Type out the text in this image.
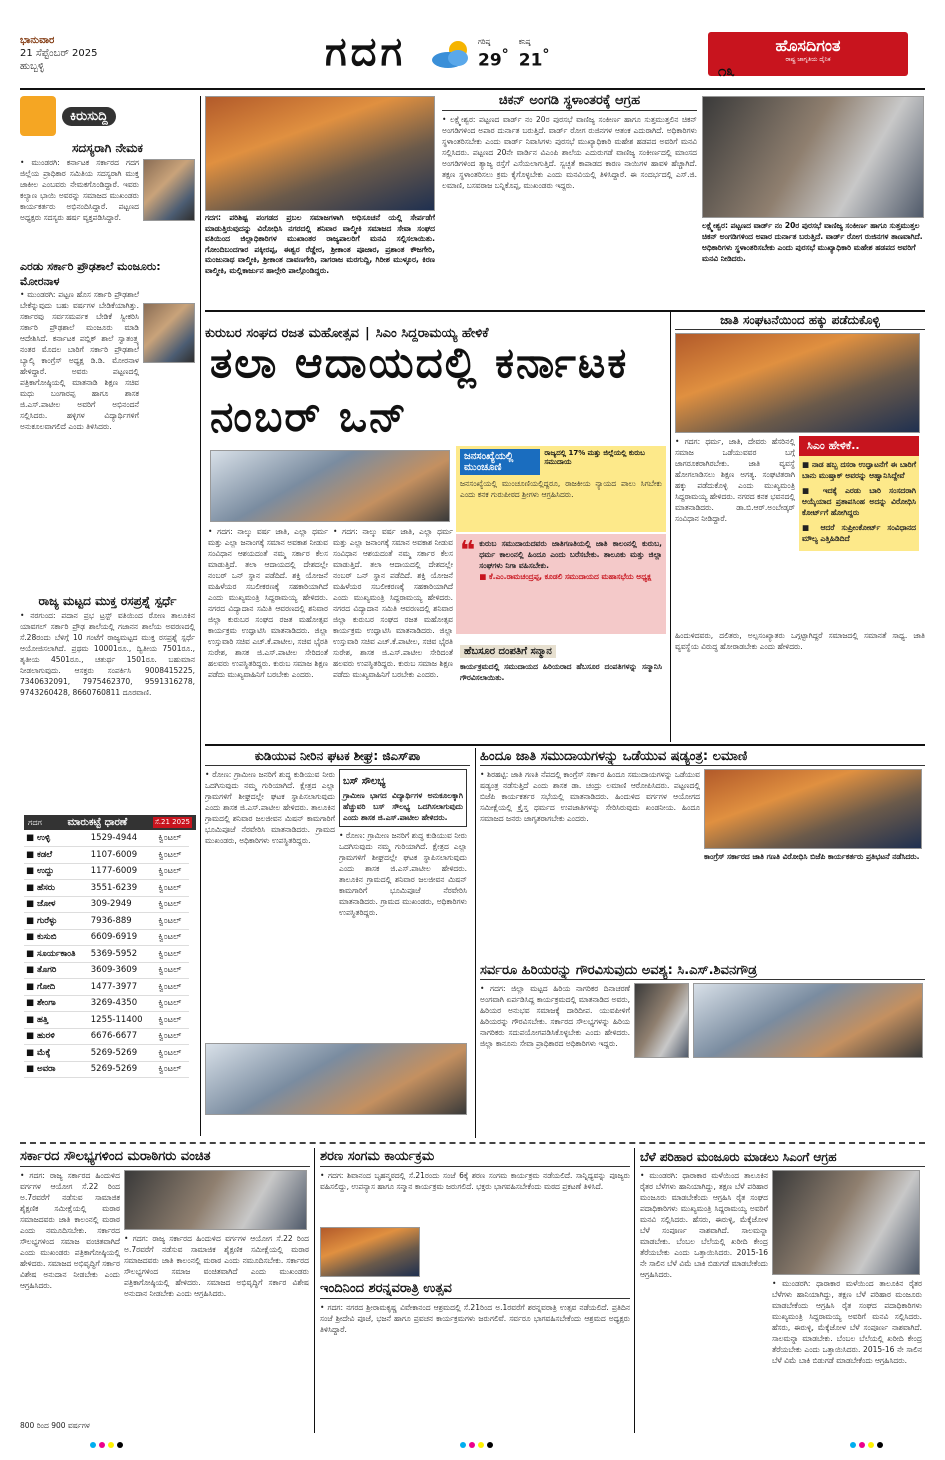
ಭಾನುವಾರ
21 ಸೆಪ್ಟೆಂಬರ್ 2025
ಹುಬ್ಬಳ್ಳಿ	ಗದಗ	ಗರಿಷ್ಠ
29°
ಕನಿಷ್ಠ
21°	ಹೊಸದಿಗಂತ
ರಾಷ್ಟ್ರ ಜಾಗೃತಿಯ ದೈನಿಕ
೧೩
ಕಿರುಸುದ್ದಿ
ಸದಸ್ಯರಾಗಿ ನೇಮಕ
• ಮುಂಡರಗಿ: ಕರ್ನಾಟಕ ಸರ್ಕಾರದ ಗದಗ ಜಿಲ್ಲೆಯ ಪ್ರಾಧಿಕಾರ ಸಮಿತಿಯ ಸದಸ್ಯರಾಗಿ ಮುಕ್ತ ಜಾಕೀಲ ಎಂಬವರು ನೇಮಕಗೊಂಡಿದ್ದಾರೆ. ಇವರು ಕಲ್ಯಾಣ ಭಾಯಿ ಅವರನ್ನು ಸಮಾಜದ ಮುಖಂಡರು ಕಾರ್ಯಕರ್ತರು ಅಭಿನಂದಿಸಿದ್ದಾರೆ. ಪಟ್ಟಣದ ಅಧ್ಯಕ್ಷರು ಸದಸ್ಯರು ಹರ್ಷ ವ್ಯಕ್ತಪಡಿಸಿದ್ದಾರೆ.
ಎರಡು ಸರ್ಕಾರಿ ಪ್ರೌಢಶಾಲೆ ಮಂಜೂರು: ಮೋರನಾಳ
• ಮುಂಡರಗಿ: ಪಟ್ಟಣ ಹೊಸ ಸರ್ಕಾರಿ ಪ್ರೌಢಶಾಲೆ ಬೇಕೆನ್ನುವುದು ಬಹು ವರ್ಷಗಳ ಬೇಡಿಕೆಯಾಗಿತ್ತು. ಸರ್ಕಾರವು ಸರ್ವಸಮರ್ಪಕ ಬೇಡಿಕೆ ಸ್ವೀಕರಿಸಿ ಸರ್ಕಾರಿ ಪ್ರೌಢಶಾಲೆ ಮಂಜೂರು ಮಾಡಿ ಆದೇಶಿಸಿದೆ. ಕರ್ನಾಟಕ ಪಬ್ಲಿಕ್ ಶಾಲೆ ಸ್ವಾತಂತ್ರ್ಯ ನಂತರ ಮೊದಲ ಬಾರಿಗೆ ಸರ್ಕಾರಿ ಪ್ರೌಢಶಾಲೆ ಬ್ಯಾಲ್ಕಿ ಕಾಂಗ್ರೆಸ್ ಅಧ್ಯಕ್ಷ ಡಿ.ಡಿ. ಮೋರನಾಳ ಹೇಳಿದ್ದಾರೆ. ಅವರು ಪಟ್ಟಣದಲ್ಲಿ ಪತ್ರಿಕಾಗೋಷ್ಠಿಯಲ್ಲಿ ಮಾತನಾಡಿ ಶಿಕ್ಷಣ ಸಚಿವ ಮಧು ಬಂಗಾರಪ್ಪ ಹಾಗೂ ಶಾಸಕ ಜಿ.ಎಸ್.ಪಾಟೀಲ ಅವರಿಗೆ ಅಭಿನಂದನೆ ಸಲ್ಲಿಸಿದರು. ಹಳ್ಳಿಗಳ ವಿದ್ಯಾರ್ಥಿಗಳಿಗೆ ಅನುಕೂಲವಾಗಲಿದೆ ಎಂದು ತಿಳಿಸಿದರು.
ರಾಜ್ಯ ಮಟ್ಟದ ಮುಕ್ತ ರಸಪ್ರಶ್ನೆ ಸ್ಪರ್ಧೆ
• ನರಗುಂದ: ಪದಾನ ಪ್ರಭ ಟ್ರಸ್ಟ್ ವತಿಯಿಂದ ರೋಣ ತಾಲೂಕಿನ ಯಾವಗಲ್ ಸರ್ಕಾರಿ ಪ್ರೌಢ ಶಾಲೆಯಲ್ಲಿ ಗಜಾನನ ಶಾಲೆಯ ಅವರಣದಲ್ಲಿ ಸೆ.28ರಂದು ಬೆಳಿಗ್ಗೆ 10 ಗಂಟೆಗೆ ರಾಜ್ಯಮಟ್ಟದ ಮುಕ್ತ ರಸಪ್ರಶ್ನೆ ಸ್ಪರ್ಧೆ ಆಯೋಜಿಸಲಾಗಿದೆ. ಪ್ರಥಮ 10001ರೂ., ದ್ವಿತೀಯ 7501ರೂ., ತೃತೀಯ 4501ರೂ., ಚತುರ್ಥ 1501ರೂ. ಬಹುಮಾನ ನೀಡಲಾಗುವುದು. ಆಸಕ್ತರು ಸಂಪರ್ಕಿಸಿ 9008415225, 7340632091, 7975462370, 9591316278, 9743260428, 8660760811 ದೂರವಾಣಿ.
ಗದಗ	ಮಾರುಕಟ್ಟೆ ಧಾರಣೆ	ಸೆ.21 2025
■ ಉಳ್ಳಿ	1529-4944	ಕ್ವಿಂಟಲ್
■ ಕಡಲೆ	1107-6009	ಕ್ವಿಂಟಲ್
■ ಉದ್ದು	1177-6009	ಕ್ವಿಂಟಲ್
■ ಹೆಸರು	3551-6239	ಕ್ವಿಂಟಲ್
■ ಜೋಳ	309-2949	ಕ್ವಿಂಟಲ್
■ ಗುರೆಳ್ಳು	7936-889	ಕ್ವಿಂಟಲ್
■ ಕುಸುಬಿ	6609-6919	ಕ್ವಿಂಟಲ್
■ ಸೂರ್ಯಕಾಂತಿ	5369-5952	ಕ್ವಿಂಟಲ್
■ ತೊಗರಿ	3609-3609	ಕ್ವಿಂಟಲ್
■ ಗೋದಿ	1477-3977	ಕ್ವಿಂಟಲ್
■ ಶೇಂಗಾ	3269-4350	ಕ್ವಿಂಟಲ್
■ ಹತ್ತಿ	1255-11400	ಕ್ವಿಂಟಲ್
■ ಹುರಳಿ	6676-6677	ಕ್ವಿಂಟಲ್
■ ಮೆಕ್ಕೆ	5269-5269	ಕ್ವಿಂಟಲ್
■ ಅವರಾ	5269-5269	ಕ್ವಿಂಟಲ್
ಗದಗ: ಪರಿಶಿಷ್ಟ ಪಂಗಡದ ಪ್ರಬಲ ಸಮಾಜಗಳಾಗಿ ಅಧಿಸೂಚನೆ ಯಲ್ಲಿ ಸೇರ್ಪಡೆಗೆ ಮಾಡುತ್ತಿರುವುದನ್ನು ವಿರೋಧಿಸಿ ನಗರದಲ್ಲಿ ಶನಿವಾರ ವಾಲ್ಮೀಕಿ ಸಮಾಜದ ಸೇವಾ ಸಂಘದ ವತಿಯಿಂದ ಜಿಲ್ಲಾಧಿಕಾರಿಗಳ ಮುಖಾಂತರ ರಾಜ್ಯಪಾಲರಿಗೆ ಮನವಿ ಸಲ್ಲಿಸಲಾಯಿತು. ಗೋಂದಿಬಂದಗಾರ ಪಕ್ಕೀರಪ್ಪ, ಈಶ್ವರ ರೆಡ್ಡೇರ, ಶ್ರೀಕಾಂತ ಪೂಜಾರ, ಪ್ರಶಾಂತ ಕೌಜಗೇರಿ, ಮಂಜುನಾಥ ವಾಲ್ಮೀಕಿ, ಶ್ರೀಕಾಂತ ದಾವಣಗೇರಿ, ನಾಗರಾಜ ಮರಗುದ್ದಿ, ಗಿರೀಶ ಮುಳ್ಳೂರ, ಕಿರಣ ವಾಲ್ಮೀಕಿ, ಮಲ್ಲಿಕಾರ್ಜುನ ಹಾಲ್ಗೇರಿ ಪಾಲ್ಗೊಂಡಿದ್ದರು.
ಚಿಕನ್ ಅಂಗಡಿ ಸ್ಥಳಾಂತರಕ್ಕೆ ಆಗ್ರಹ
• ಲಕ್ಷ್ಮೇಶ್ವರ: ಪಟ್ಟಣದ ವಾರ್ಡ್ ನಂ 20ರ ಪುರಸಭೆ ವಾಣಿಜ್ಯ ಸಂಕೀರ್ಣ ಹಾಗೂ ಸುತ್ತಮುತ್ತಲಿನ ಚಿಕನ್ ಅಂಗಡಿಗಳಿಂದ ಅಪಾರ ದುರ್ನಾತ ಬರುತ್ತಿದೆ. ವಾರ್ಡ್ ರೋಗ ರುಜಿನಗಳ ಆತಂಕ ಎದುರಾಗಿದೆ. ಅಧಿಕಾರಿಗಳು ಸ್ಥಳಾಂತರಿಸಬೇಕು ಎಂದು ವಾರ್ಡ್ ನಿವಾಸಿಗಳು ಪುರಸಭೆ ಮುಖ್ಯಾಧಿಕಾರಿ ಮಹೇಶ ಹಡಪದ ಅವರಿಗೆ ಮನವಿ ಸಲ್ಲಿಸಿದರು. ಪಟ್ಟಣದ 20ನೇ ವಾರ್ಡಿನ ವಿಎಂಪಿ ಶಾಲೆಯ ಎದುರುಗಡೆ ವಾಣಿಜ್ಯ ಸಂಕೀರ್ಣದಲ್ಲಿ ಮಾಂಸದ ಅಂಗಡಿಗಳಿಂದ ತ್ಯಾಜ್ಯ ರಸ್ತೆಗೆ ಎಸೆಯಲಾಗುತ್ತಿದೆ. ಸ್ವಚ್ಛತೆ ಕಾಪಾಡದ ಕಾರಣ ನಾಯಿಗಳ ಹಾವಳಿ ಹೆಚ್ಚಾಗಿದೆ. ತಕ್ಷಣ ಸ್ಥಳಾಂತರಿಸಲು ಕ್ರಮ ಕೈಗೊಳ್ಳಬೇಕು ಎಂದು ಮನವಿಯಲ್ಲಿ ತಿಳಿಸಿದ್ದಾರೆ. ಈ ಸಂದರ್ಭದಲ್ಲಿ ಎಸ್.ಜಿ. ಲಮಾಣಿ, ಬಸವರಾಜ ಬನ್ನಿಕೊಪ್ಪ, ಮುಖಂಡರು ಇದ್ದರು.
ಲಕ್ಷ್ಮೇಶ್ವರ: ಪಟ್ಟಣದ ವಾರ್ಡ್ ನಂ 20ರ ಪುರಸಭೆ ವಾಣಿಜ್ಯ ಸಂಕೀರ್ಣ ಹಾಗೂ ಸುತ್ತಮುತ್ತಲ ಚಿಕನ್ ಅಂಗಡಿಗಳಿಂದ ಅಪಾರ ದುರ್ನಾತ ಬರುತ್ತಿದೆ. ವಾರ್ಡ್ ರೋಗ ರುಜಿನಗಳ ತಾಣವಾಗಿದೆ. ಅಧಿಕಾರಿಗಳು ಸ್ಥಳಾಂತರಿಸಬೇಕು ಎಂದು ಪುರಸಭೆ ಮುಖ್ಯಾಧಿಕಾರಿ ಮಹೇಶ ಹಡಪದ ಅವರಿಗೆ ಮನವಿ ನೀಡಿದರು.
ಕುರುಬರ ಸಂಘದ ರಜತ ಮಹೋತ್ಸವ | ಸಿಎಂ ಸಿದ್ದರಾಮಯ್ಯ ಹೇಳಿಕೆ
ತಲಾ ಆದಾಯದಲ್ಲಿ ಕರ್ನಾಟಕ ನಂಬರ್ ಒನ್
• ಗದಗ: ನಾಲ್ಕು ವರ್ಷ ಜಾತಿ, ಎಲ್ಲಾ ಧರ್ಮ ಮತ್ತು ಎಲ್ಲಾ ಜನಾಂಗಕ್ಕೆ ಸಮಾನ ಅವಕಾಶ ನೀಡುವ ಸಂವಿಧಾನ ಆಶಯದಂತೆ ನಮ್ಮ ಸರ್ಕಾರ ಕೆಲಸ ಮಾಡುತ್ತಿದೆ. ತಲಾ ಆದಾಯದಲ್ಲಿ ದೇಶದಲ್ಲೇ ನಂಬರ್ ಒನ್ ಸ್ಥಾನ ಪಡೆದಿದೆ. ಶಕ್ತಿ ಯೋಜನೆ ಮಹಿಳೆಯರ ಸಬಲೀಕರಣಕ್ಕೆ ಸಹಕಾರಿಯಾಗಿದೆ ಎಂದು ಮುಖ್ಯಮಂತ್ರಿ ಸಿದ್ದರಾಮಯ್ಯ ಹೇಳಿದರು. ನಗರದ ವಿದ್ಯಾದಾನ ಸಮಿತಿ ಆವರಣದಲ್ಲಿ ಶನಿವಾರ ಜಿಲ್ಲಾ ಕುರುಬರ ಸಂಘದ ರಜತ ಮಹೋತ್ಸವ ಕಾರ್ಯಕ್ರಮ ಉದ್ಘಾಟಿಸಿ ಮಾತನಾಡಿದರು. ಜಿಲ್ಲಾ ಉಸ್ತುವಾರಿ ಸಚಿವ ಎಚ್.ಕೆ.ಪಾಟೀಲ, ಸಚಿವ ಭೈರತಿ ಸುರೇಶ, ಶಾಸಕ ಜಿ.ಎಸ್.ಪಾಟೀಲ ಸೇರಿದಂತೆ ಹಲವರು ಉಪಸ್ಥಿತರಿದ್ದರು. ಕುರುಬ ಸಮಾಜ ಶಿಕ್ಷಣ ಪಡೆದು ಮುಖ್ಯವಾಹಿನಿಗೆ ಬರಬೇಕು ಎಂದರು.
• ಗದಗ: ನಾಲ್ಕು ವರ್ಷ ಜಾತಿ, ಎಲ್ಲಾ ಧರ್ಮ ಮತ್ತು ಎಲ್ಲಾ ಜನಾಂಗಕ್ಕೆ ಸಮಾನ ಅವಕಾಶ ನೀಡುವ ಸಂವಿಧಾನ ಆಶಯದಂತೆ ನಮ್ಮ ಸರ್ಕಾರ ಕೆಲಸ ಮಾಡುತ್ತಿದೆ. ತಲಾ ಆದಾಯದಲ್ಲಿ ದೇಶದಲ್ಲೇ ನಂಬರ್ ಒನ್ ಸ್ಥಾನ ಪಡೆದಿದೆ. ಶಕ್ತಿ ಯೋಜನೆ ಮಹಿಳೆಯರ ಸಬಲೀಕರಣಕ್ಕೆ ಸಹಕಾರಿಯಾಗಿದೆ ಎಂದು ಮುಖ್ಯಮಂತ್ರಿ ಸಿದ್ದರಾಮಯ್ಯ ಹೇಳಿದರು. ನಗರದ ವಿದ್ಯಾದಾನ ಸಮಿತಿ ಆವರಣದಲ್ಲಿ ಶನಿವಾರ ಜಿಲ್ಲಾ ಕುರುಬರ ಸಂಘದ ರಜತ ಮಹೋತ್ಸವ ಕಾರ್ಯಕ್ರಮ ಉದ್ಘಾಟಿಸಿ ಮಾತನಾಡಿದರು. ಜಿಲ್ಲಾ ಉಸ್ತುವಾರಿ ಸಚಿವ ಎಚ್.ಕೆ.ಪಾಟೀಲ, ಸಚಿವ ಭೈರತಿ ಸುರೇಶ, ಶಾಸಕ ಜಿ.ಎಸ್.ಪಾಟೀಲ ಸೇರಿದಂತೆ ಹಲವರು ಉಪಸ್ಥಿತರಿದ್ದರು. ಕುರುಬ ಸಮಾಜ ಶಿಕ್ಷಣ ಪಡೆದು ಮುಖ್ಯವಾಹಿನಿಗೆ ಬರಬೇಕು ಎಂದರು.
ಜನಸಂಖ್ಯೆಯಲ್ಲಿ ಮುಂಚೂಣಿ
ರಾಜ್ಯದಲ್ಲಿ 17% ಮತ್ತು ಜಿಲ್ಲೆಯಲ್ಲಿ ಕುರುಬ ಸಮುದಾಯ
ಜನಸಂಖ್ಯೆಯಲ್ಲಿ ಮುಂಚೂಣಿಯಲ್ಲಿದ್ದರೂ, ರಾಜಕೀಯ ನ್ಯಾಯದ ಪಾಲು ಸಿಗಬೇಕು ಎಂದು ಕನಕ ಗುರುಪೀಠದ ಶ್ರೀಗಳು ಆಗ್ರಹಿಸಿದರು.
❝ ಕುರುಬ ಸಮುದಾಯದವರು ಜಾತಿಗಣತಿಯಲ್ಲಿ ಜಾತಿ ಕಾಲಂನಲ್ಲಿ ಕುರುಬ, ಧರ್ಮ ಕಾಲಂನಲ್ಲಿ ಹಿಂದೂ ಎಂದು ಬರೆಸಬೇಕು. ತಾಲೂಕು ಮತ್ತು ಜಿಲ್ಲಾ ಸಂಘಗಳು ನಿಗಾ ವಹಿಸಬೇಕು.
■ ಕೆ.ಎಂ.ರಾಮಚಂದ್ರಪ್ಪ, ಕೂಡಲಿ ಸಮುದಾಯದ ಮಹಾಸಭೆಯ ಅಧ್ಯಕ್ಷ
ಹೆಬಸೂರ ದಂಪತಿಗೆ ಸನ್ಮಾನ
ಕಾರ್ಯಕ್ರಮದಲ್ಲಿ ಸಮುದಾಯದ ಹಿರಿಯರಾದ ಹೆಬಸೂರ ದಂಪತಿಗಳನ್ನು ಸನ್ಮಾನಿಸಿ ಗೌರವಿಸಲಾಯಿತು.
ಜಾತಿ ಸಂಘಟನೆಯಿಂದ ಹಕ್ಕು ಪಡೆದುಕೊಳ್ಳಿ
• ಗದಗ: ಧರ್ಮ, ಜಾತಿ, ದೇವರು ಹೆಸರಿನಲ್ಲಿ ಸಮಾಜ ಒಡೆಯುವವರ ಬಗ್ಗೆ ಜಾಗರೂಕರಾಗಿರಬೇಕು. ಜಾತಿ ವ್ಯವಸ್ಥೆ ಹೋಗಲಾಡಿಸಲು ಶಿಕ್ಷಣ ಅಗತ್ಯ. ಸಂಘಟಿತರಾಗಿ ಹಕ್ಕು ಪಡೆದುಕೊಳ್ಳಿ ಎಂದು ಮುಖ್ಯಮಂತ್ರಿ ಸಿದ್ದರಾಮಯ್ಯ ಹೇಳಿದರು. ನಗರದ ಕನಕ ಭವನದಲ್ಲಿ ಮಾತನಾಡಿದರು. ಡಾ.ಬಿ.ಆರ್.ಅಂಬೇಡ್ಕರ್ ಸಂವಿಧಾನ ನೀಡಿದ್ದಾರೆ.
ಸಿಎಂ ಹೇಳಿಕೆ..
■ ನಾಡ ಹಬ್ಬ ದಸರಾ ಉದ್ಘಾಟನೆಗೆ ಈ ಬಾರಿಗೆ ಬಾನು ಮುಷ್ತಾಕ್ ಅವರನ್ನು ಆಹ್ವಾನಿಸಿದ್ದೇವೆ
■ ಇದಕ್ಕೆ ಎರಡು ಬಾರಿ ಸಂಸದರಾಗಿ ಆಯ್ಕೆಯಾದ ಪ್ರತಾಪಸಿಂಹ ಅದನ್ನು ವಿರೋಧಿಸಿ ಕೋರ್ಟ್‌ಗೆ ಹೋಗಿದ್ದರು
■ ಆದರೆ ಸುಪ್ರೀಂಕೋರ್ಟ್ ಸಂವಿಧಾನದ ಮೌಲ್ಯ ಎತ್ತಿಹಿಡಿದಿದೆ
ಹಿಂದುಳಿದವರು, ದಲಿತರು, ಅಲ್ಪಸಂಖ್ಯಾತರು ಒಗ್ಗಟ್ಟಾಗಿದ್ದರೆ ಸಮಾಜದಲ್ಲಿ ಸಮಾನತೆ ಸಾಧ್ಯ. ಜಾತಿ ವ್ಯವಸ್ಥೆಯ ವಿರುದ್ಧ ಹೋರಾಡಬೇಕು ಎಂದು ಹೇಳಿದರು.
ಕುಡಿಯುವ ನೀರಿನ ಘಟಕ ಶೀಘ್ರ: ಜಿಎಸ್‌ಪಾ
• ರೋಣ: ಗ್ರಾಮೀಣ ಜನರಿಗೆ ಶುದ್ಧ ಕುಡಿಯುವ ನೀರು ಒದಗಿಸುವುದು ನಮ್ಮ ಗುರಿಯಾಗಿದೆ. ಕ್ಷೇತ್ರದ ಎಲ್ಲಾ ಗ್ರಾಮಗಳಿಗೆ ಶೀಘ್ರದಲ್ಲೇ ಘಟಕ ಸ್ಥಾಪಿಸಲಾಗುವುದು ಎಂದು ಶಾಸಕ ಜಿ.ಎಸ್.ಪಾಟೀಲ ಹೇಳಿದರು. ತಾಲೂಕಿನ ಗ್ರಾಮದಲ್ಲಿ ಶನಿವಾರ ಜಲಜೀವನ ಮಿಷನ್ ಕಾಮಗಾರಿಗೆ ಭೂಮಿಪೂಜೆ ನೆರವೇರಿಸಿ ಮಾತನಾಡಿದರು. ಗ್ರಾಮದ ಮುಖಂಡರು, ಅಧಿಕಾರಿಗಳು ಉಪಸ್ಥಿತರಿದ್ದರು.
ಬಸ್ ಸೌಲಭ್ಯ
ಗ್ರಾಮೀಣ ಭಾಗದ ವಿದ್ಯಾರ್ಥಿಗಳ ಅನುಕೂಲಕ್ಕಾಗಿ ಹೆಚ್ಚುವರಿ ಬಸ್ ಸೌಲಭ್ಯ ಒದಗಿಸಲಾಗುವುದು ಎಂದು ಶಾಸಕ ಜಿ.ಎಸ್.ಪಾಟೀಲ ಹೇಳಿದರು.
• ರೋಣ: ಗ್ರಾಮೀಣ ಜನರಿಗೆ ಶುದ್ಧ ಕುಡಿಯುವ ನೀರು ಒದಗಿಸುವುದು ನಮ್ಮ ಗುರಿಯಾಗಿದೆ. ಕ್ಷೇತ್ರದ ಎಲ್ಲಾ ಗ್ರಾಮಗಳಿಗೆ ಶೀಘ್ರದಲ್ಲೇ ಘಟಕ ಸ್ಥಾಪಿಸಲಾಗುವುದು ಎಂದು ಶಾಸಕ ಜಿ.ಎಸ್.ಪಾಟೀಲ ಹೇಳಿದರು. ತಾಲೂಕಿನ ಗ್ರಾಮದಲ್ಲಿ ಶನಿವಾರ ಜಲಜೀವನ ಮಿಷನ್ ಕಾಮಗಾರಿಗೆ ಭೂಮಿಪೂಜೆ ನೆರವೇರಿಸಿ ಮಾತನಾಡಿದರು. ಗ್ರಾಮದ ಮುಖಂಡರು, ಅಧಿಕಾರಿಗಳು ಉಪಸ್ಥಿತರಿದ್ದರು.
ಹಿಂದೂ ಜಾತಿ ಸಮುದಾಯಗಳನ್ನು ಒಡೆಯುವ ಷಡ್ಯಂತ್ರ: ಲಮಾಣಿ
• ಶಿರಹಟ್ಟಿ: ಜಾತಿ ಗಣತಿ ನೆಪದಲ್ಲಿ ಕಾಂಗ್ರೆಸ್ ಸರ್ಕಾರ ಹಿಂದೂ ಸಮುದಾಯಗಳನ್ನು ಒಡೆಯುವ ಷಡ್ಯಂತ್ರ ನಡೆಸುತ್ತಿದೆ ಎಂದು ಶಾಸಕ ಡಾ. ಚಂದ್ರು ಲಮಾಣಿ ಆರೋಪಿಸಿದರು. ಪಟ್ಟಣದಲ್ಲಿ ಬಿಜೆಪಿ ಕಾರ್ಯಕರ್ತರ ಸಭೆಯಲ್ಲಿ ಮಾತನಾಡಿದರು. ಹಿಂದುಳಿದ ವರ್ಗಗಳ ಆಯೋಗದ ಸಮೀಕ್ಷೆಯಲ್ಲಿ ಕ್ರೈಸ್ತ ಧರ್ಮದ ಉಪಜಾತಿಗಳನ್ನು ಸೇರಿಸಿರುವುದು ಖಂಡನೀಯ. ಹಿಂದೂ ಸಮಾಜದ ಜನರು ಜಾಗೃತರಾಗಬೇಕು ಎಂದರು.
ಕಾಂಗ್ರೆಸ್ ಸರ್ಕಾರದ ಜಾತಿ ಗಣತಿ ವಿರೋಧಿಸಿ ಬಿಜೆಪಿ ಕಾರ್ಯಕರ್ತರು ಪ್ರತಿಭಟನೆ ನಡೆಸಿದರು.
ಸರ್ವರೂ ಹಿರಿಯರನ್ನು ಗೌರವಿಸುವುದು ಅವಶ್ಯ: ಸಿ.ಎಸ್.ಶಿವನಗೌಡ್ರ
• ಗದಗ: ಜಿಲ್ಲಾ ಮಟ್ಟದ ಹಿರಿಯ ನಾಗರಿಕರ ದಿನಾಚರಣೆ ಅಂಗವಾಗಿ ಏರ್ಪಡಿಸಿದ್ದ ಕಾರ್ಯಕ್ರಮದಲ್ಲಿ ಮಾತನಾಡಿದ ಅವರು, ಹಿರಿಯರ ಅನುಭವ ಸಮಾಜಕ್ಕೆ ದಾರಿದೀಪ. ಯುವಪೀಳಿಗೆ ಹಿರಿಯರನ್ನು ಗೌರವಿಸಬೇಕು. ಸರ್ಕಾರದ ಸೌಲಭ್ಯಗಳನ್ನು ಹಿರಿಯ ನಾಗರಿಕರು ಸದುಪಯೋಗಪಡಿಸಿಕೊಳ್ಳಬೇಕು ಎಂದು ಹೇಳಿದರು. ಜಿಲ್ಲಾ ಕಾನೂನು ಸೇವಾ ಪ್ರಾಧಿಕಾರದ ಅಧಿಕಾರಿಗಳು ಇದ್ದರು.
ಸರ್ಕಾರದ ಸೌಲಭ್ಯಗಳಿಂದ ಮರಾಠಿಗರು ವಂಚಿತ
• ಗದಗ: ರಾಜ್ಯ ಸರ್ಕಾರದ ಹಿಂದುಳಿದ ವರ್ಗಗಳ ಆಯೋಗ ಸೆ.22 ರಿಂದ ಅ.7ರವರೆಗೆ ನಡೆಸುವ ಸಾಮಾಜಿಕ ಶೈಕ್ಷಣಿಕ ಸಮೀಕ್ಷೆಯಲ್ಲಿ ಮರಾಠ ಸಮಾಜದವರು ಜಾತಿ ಕಾಲಂನಲ್ಲಿ ಮರಾಠ ಎಂದು ನಮೂದಿಸಬೇಕು. ಸರ್ಕಾರದ ಸೌಲಭ್ಯಗಳಿಂದ ಸಮಾಜ ವಂಚಿತವಾಗಿದೆ ಎಂದು ಮುಖಂಡರು ಪತ್ರಿಕಾಗೋಷ್ಠಿಯಲ್ಲಿ ಹೇಳಿದರು. ಸಮಾಜದ ಅಭಿವೃದ್ಧಿಗೆ ಸರ್ಕಾರ ವಿಶೇಷ ಅನುದಾನ ನೀಡಬೇಕು ಎಂದು ಆಗ್ರಹಿಸಿದರು.
• ಗದಗ: ರಾಜ್ಯ ಸರ್ಕಾರದ ಹಿಂದುಳಿದ ವರ್ಗಗಳ ಆಯೋಗ ಸೆ.22 ರಿಂದ ಅ.7ರವರೆಗೆ ನಡೆಸುವ ಸಾಮಾಜಿಕ ಶೈಕ್ಷಣಿಕ ಸಮೀಕ್ಷೆಯಲ್ಲಿ ಮರಾಠ ಸಮಾಜದವರು ಜಾತಿ ಕಾಲಂನಲ್ಲಿ ಮರಾಠ ಎಂದು ನಮೂದಿಸಬೇಕು. ಸರ್ಕಾರದ ಸೌಲಭ್ಯಗಳಿಂದ ಸಮಾಜ ವಂಚಿತವಾಗಿದೆ ಎಂದು ಮುಖಂಡರು ಪತ್ರಿಕಾಗೋಷ್ಠಿಯಲ್ಲಿ ಹೇಳಿದರು. ಸಮಾಜದ ಅಭಿವೃದ್ಧಿಗೆ ಸರ್ಕಾರ ವಿಶೇಷ ಅನುದಾನ ನೀಡಬೇಕು ಎಂದು ಆಗ್ರಹಿಸಿದರು.
800 ರಿಂದ 900 ವರ್ಷಗಳ
ಶರಣ ಸಂಗಮ ಕಾರ್ಯಕ್ರಮ
• ಗದಗ: ಶಿವಾನಂದ ಬೃಹನ್ಮಠದಲ್ಲಿ ಸೆ.21ರಂದು ಸಂಜೆ 6ಕ್ಕೆ ಶರಣ ಸಂಗಮ ಕಾರ್ಯಕ್ರಮ ನಡೆಯಲಿದೆ. ಸಾನ್ನಿಧ್ಯವನ್ನು ಪೂಜ್ಯರು ವಹಿಸಲಿದ್ದು, ಉಪನ್ಯಾಸ ಹಾಗೂ ಸನ್ಮಾನ ಕಾರ್ಯಕ್ರಮ ಜರುಗಲಿದೆ. ಭಕ್ತರು ಭಾಗವಹಿಸಬೇಕೆಂದು ಮಠದ ಪ್ರಕಟಣೆ ತಿಳಿಸಿದೆ.
ಇಂದಿನಿಂದ ಶರನ್ನವರಾತ್ರಿ ಉತ್ಸವ
• ಗದಗ: ನಗರದ ಶ್ರೀರಾಮಕೃಷ್ಣ ವಿವೇಕಾನಂದ ಆಶ್ರಮದಲ್ಲಿ ಸೆ.21ರಿಂದ ಅ.1ರವರೆಗೆ ಶರನ್ನವರಾತ್ರಿ ಉತ್ಸವ ನಡೆಯಲಿದೆ. ಪ್ರತಿದಿನ ಸಂಜೆ ಶ್ರೀದೇವಿ ಪೂಜೆ, ಭಜನೆ ಹಾಗೂ ಪ್ರವಚನ ಕಾರ್ಯಕ್ರಮಗಳು ಜರುಗಲಿವೆ. ಸರ್ವರೂ ಭಾಗವಹಿಸಬೇಕೆಂದು ಆಶ್ರಮದ ಅಧ್ಯಕ್ಷರು ತಿಳಿಸಿದ್ದಾರೆ.
ಬೆಳೆ ಪರಿಹಾರ ಮಂಜೂರು ಮಾಡಲು ಸಿಎಂಗೆ ಆಗ್ರಹ
• ಮುಂಡರಗಿ: ಧಾರಾಕಾರ ಮಳೆಯಿಂದ ತಾಲೂಕಿನ ರೈತರ ಬೆಳೆಗಳು ಹಾನಿಯಾಗಿದ್ದು, ತಕ್ಷಣ ಬೆಳೆ ಪರಿಹಾರ ಮಂಜೂರು ಮಾಡಬೇಕೆಂದು ಆಗ್ರಹಿಸಿ ರೈತ ಸಂಘದ ಪದಾಧಿಕಾರಿಗಳು ಮುಖ್ಯಮಂತ್ರಿ ಸಿದ್ದರಾಮಯ್ಯ ಅವರಿಗೆ ಮನವಿ ಸಲ್ಲಿಸಿದರು. ಹೆಸರು, ಈರುಳ್ಳಿ, ಮೆಕ್ಕೆಜೋಳ ಬೆಳೆ ಸಂಪೂರ್ಣ ನಾಶವಾಗಿದೆ. ಸಾಲಮನ್ನಾ ಮಾಡಬೇಕು. ಬೆಂಬಲ ಬೆಲೆಯಲ್ಲಿ ಖರೀದಿ ಕೇಂದ್ರ ತೆರೆಯಬೇಕು ಎಂದು ಒತ್ತಾಯಿಸಿದರು. 2015-16 ನೇ ಸಾಲಿನ ಬೆಳೆ ವಿಮೆ ಬಾಕಿ ಬಿಡುಗಡೆ ಮಾಡಬೇಕೆಂದು ಆಗ್ರಹಿಸಿದರು.
• ಮುಂಡರಗಿ: ಧಾರಾಕಾರ ಮಳೆಯಿಂದ ತಾಲೂಕಿನ ರೈತರ ಬೆಳೆಗಳು ಹಾನಿಯಾಗಿದ್ದು, ತಕ್ಷಣ ಬೆಳೆ ಪರಿಹಾರ ಮಂಜೂರು ಮಾಡಬೇಕೆಂದು ಆಗ್ರಹಿಸಿ ರೈತ ಸಂಘದ ಪದಾಧಿಕಾರಿಗಳು ಮುಖ್ಯಮಂತ್ರಿ ಸಿದ್ದರಾಮಯ್ಯ ಅವರಿಗೆ ಮನವಿ ಸಲ್ಲಿಸಿದರು. ಹೆಸರು, ಈರುಳ್ಳಿ, ಮೆಕ್ಕೆಜೋಳ ಬೆಳೆ ಸಂಪೂರ್ಣ ನಾಶವಾಗಿದೆ. ಸಾಲಮನ್ನಾ ಮಾಡಬೇಕು. ಬೆಂಬಲ ಬೆಲೆಯಲ್ಲಿ ಖರೀದಿ ಕೇಂದ್ರ ತೆರೆಯಬೇಕು ಎಂದು ಒತ್ತಾಯಿಸಿದರು. 2015-16 ನೇ ಸಾಲಿನ ಬೆಳೆ ವಿಮೆ ಬಾಕಿ ಬಿಡುಗಡೆ ಮಾಡಬೇಕೆಂದು ಆಗ್ರಹಿಸಿದರು.
